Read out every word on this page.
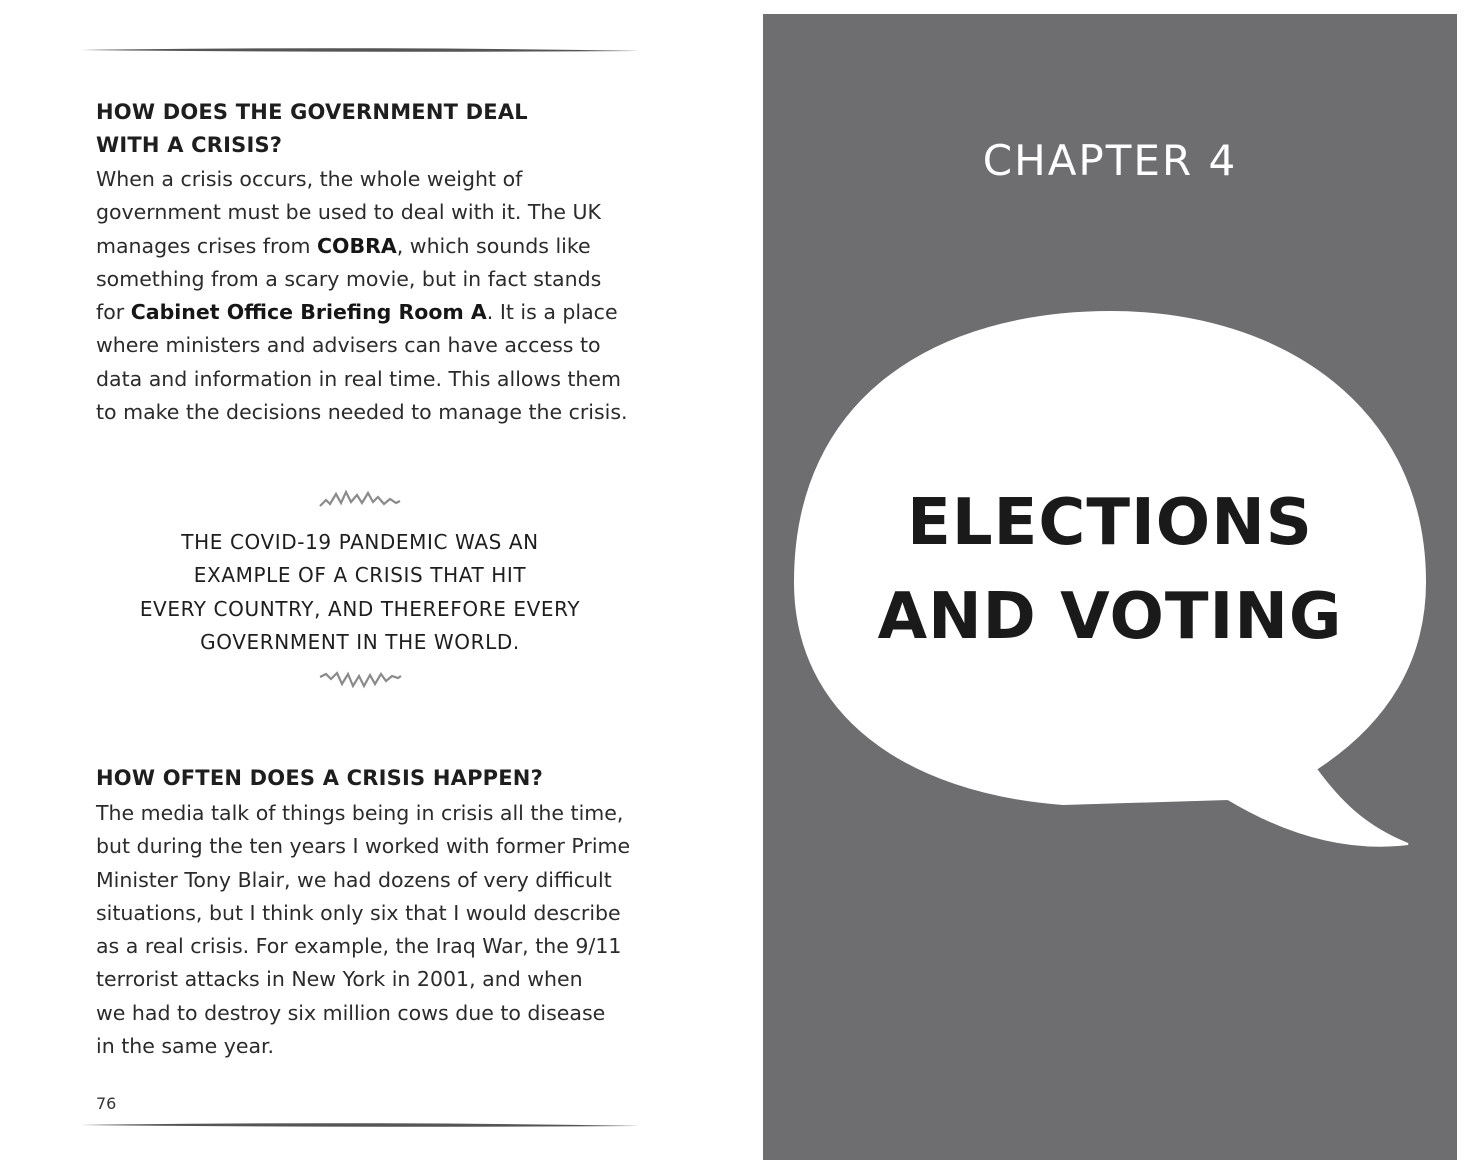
HOW DOES THE GOVERNMENT DEAL
WITH A CRISIS?
When a crisis occurs, the whole weight of
government must be used to deal with it. The UK
manages crises from COBRA, which sounds like
something from a scary movie, but in fact stands
for Cabinet Office Briefing Room A. It is a place
where ministers and advisers can have access to
data and information in real time. This allows them
to make the decisions needed to manage the crisis.
THE COVID-19 PANDEMIC WAS AN
EXAMPLE OF A CRISIS THAT HIT
EVERY COUNTRY, AND THEREFORE EVERY
GOVERNMENT IN THE WORLD.
HOW OFTEN DOES A CRISIS HAPPEN?
The media talk of things being in crisis all the time,
but during the ten years I worked with former Prime
Minister Tony Blair, we had dozens of very difficult
situations, but I think only six that I would describe
as a real crisis. For example, the Iraq War, the 9/11
terrorist attacks in New York in 2001, and when
we had to destroy six million cows due to disease
in the same year.
76
CHAPTER 4
ELECTIONS
AND VOTING
